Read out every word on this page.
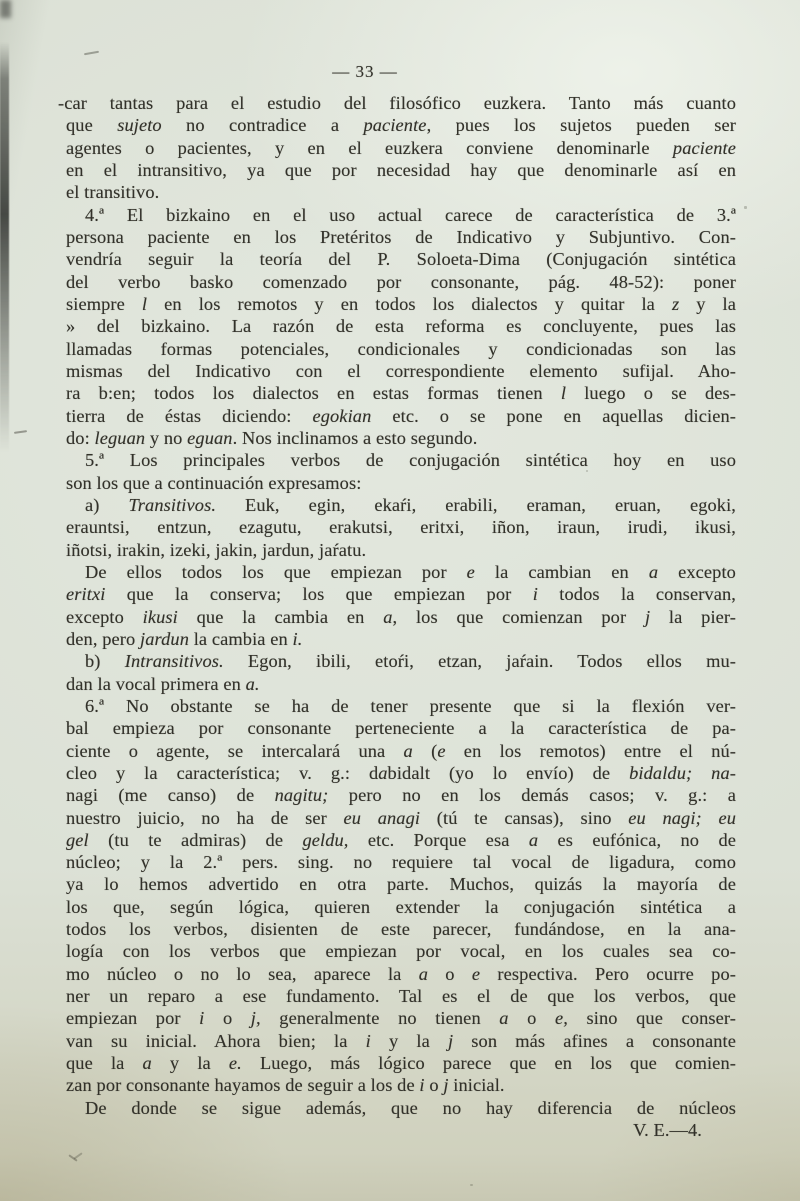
— 33 —
-car tantas para el estudio del filosófico euzkera. Tanto más cuanto
que sujeto no contradice a paciente, pues los sujetos pueden ser
agentes o pacientes, y en el euzkera conviene denominarle paciente
en el intransitivo, ya que por necesidad hay que denominarle así en
el transitivo.
4.ª El bizkaino en el uso actual carece de característica de 3.ª
persona paciente en los Pretéritos de Indicativo y Subjuntivo. Con-
vendría seguir la teoría del P. Soloeta-Dima (Conjugación sintética
del verbo basko comenzado por consonante, pág. 48-52): poner
siempre l en los remotos y en todos los dialectos y quitar la z y la
» del bizkaino. La razón de esta reforma es concluyente, pues las
llamadas formas potenciales, condicionales y condicionadas son las
mismas del Indicativo con el correspondiente elemento sufijal. Aho-
ra b:en; todos los dialectos en estas formas tienen l luego o se des-
tierra de éstas diciendo: egokian etc. o se pone en aquellas dicien-
do: leguan y no eguan. Nos inclinamos a esto segundo.
5.ª Los principales verbos de conjugación sintética hoy en uso
son los que a continuación expresamos:
a) Transitivos. Euk, egin, ekaŕi, erabili, eraman, eruan, egoki,
erauntsi, entzun, ezagutu, erakutsi, eritxi, iñon, iraun, irudi, ikusi,
iñotsi, irakin, izeki, jakin, jardun, jaŕatu.
De ellos todos los que empiezan por e la cambian en a excepto
eritxi que la conserva; los que empiezan por i todos la conservan,
excepto ikusi que la cambia en a, los que comienzan por j la pier-
den, pero jardun la cambia en i.
b) Intransitivos. Egon, ibili, etoŕi, etzan, jaŕain. Todos ellos mu-
dan la vocal primera en a.
6.ª No obstante se ha de tener presente que si la flexión ver-
bal empieza por consonante perteneciente a la característica de pa-
ciente o agente, se intercalará una a (e en los remotos) entre el nú-
cleo y la característica; v. g.: dabidalt (yo lo envío) de bidaldu; na-
nagi (me canso) de nagitu; pero no en los demás casos; v. g.: a
nuestro juicio, no ha de ser eu anagi (tú te cansas), sino eu nagi; eu
gel (tu te admiras) de geldu, etc. Porque esa a es eufónica, no de
núcleo; y la 2.ª pers. sing. no requiere tal vocal de ligadura, como
ya lo hemos advertido en otra parte. Muchos, quizás la mayoría de
los que, según lógica, quieren extender la conjugación sintética a
todos los verbos, disienten de este parecer, fundándose, en la ana-
logía con los verbos que empiezan por vocal, en los cuales sea co-
mo núcleo o no lo sea, aparece la a o e respectiva. Pero ocurre po-
ner un reparo a ese fundamento. Tal es el de que los verbos, que
empiezan por i o j, generalmente no tienen a o e, sino que conser-
van su inicial. Ahora bien; la i y la j son más afines a consonante
que la a y la e. Luego, más lógico parece que en los que comien-
zan por consonante hayamos de seguir a los de i o j inicial.
De donde se sigue además, que no hay diferencia de núcleos
V. E.—4.
